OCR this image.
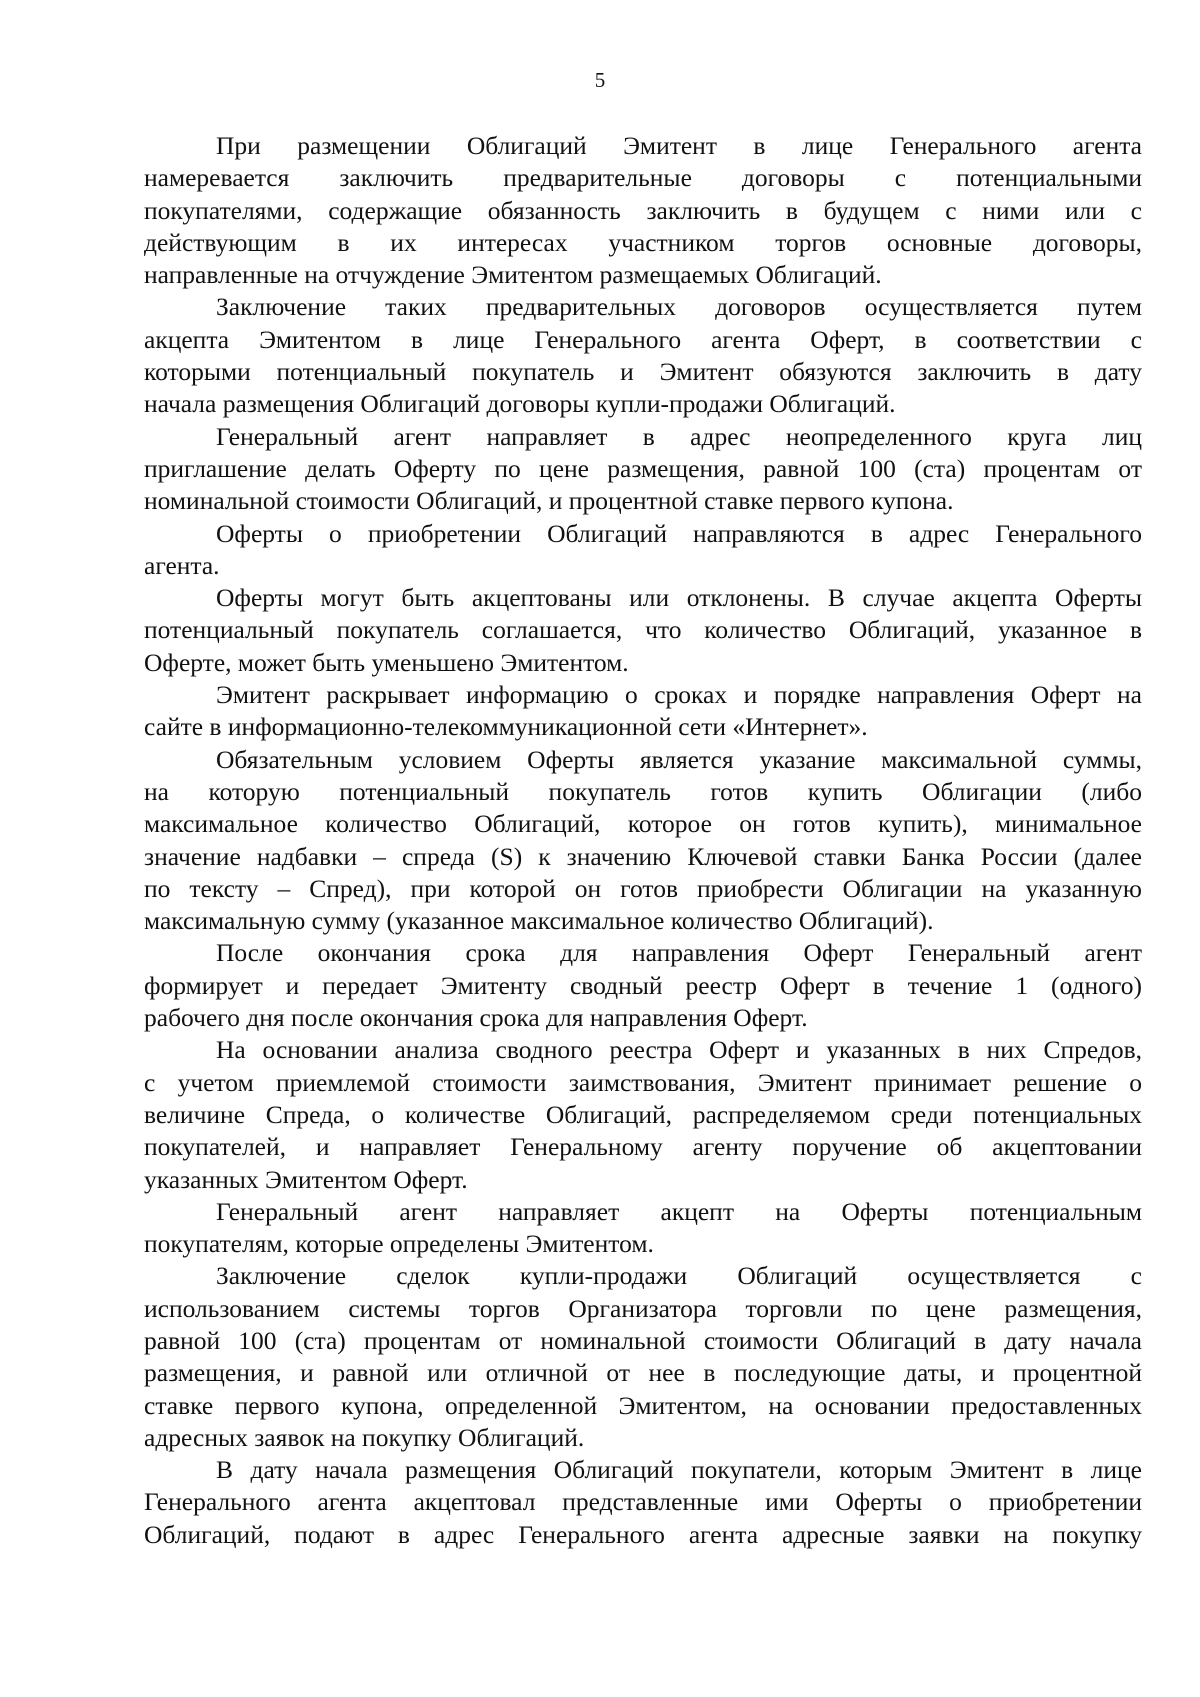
5
При размещении Облигаций Эмитент в лице Генерального агента
намеревается заключить предварительные договоры с потенциальными
покупателями, содержащие обязанность заключить в будущем с ними или с
действующим в их интересах участником торгов основные договоры,
направленные на отчуждение Эмитентом размещаемых Облигаций.
Заключение таких предварительных договоров осуществляется путем
акцепта Эмитентом в лице Генерального агента Оферт, в соответствии с
которыми потенциальный покупатель и Эмитент обязуются заключить в дату
начала размещения Облигаций договоры купли-продажи Облигаций.
Генеральный агент направляет в адрес неопределенного круга лиц
приглашение делать Оферту по цене размещения, равной 100 (ста) процентам от
номинальной стоимости Облигаций, и процентной ставке первого купона.
Оферты о приобретении Облигаций направляются в адрес Генерального
агента.
Оферты могут быть акцептованы или отклонены. В случае акцепта Оферты
потенциальный покупатель соглашается, что количество Облигаций, указанное в
Оферте, может быть уменьшено Эмитентом.
Эмитент раскрывает информацию о сроках и порядке направления Оферт на
сайте в информационно-телекоммуникационной сети «Интернет».
Обязательным условием Оферты является указание максимальной суммы,
на которую потенциальный покупатель готов купить Облигации (либо
максимальное количество Облигаций, которое он готов купить), минимальное
значение надбавки – спреда (S) к значению Ключевой ставки Банка России (далее
по тексту – Спред), при которой он готов приобрести Облигации на указанную
максимальную сумму (указанное максимальное количество Облигаций).
После окончания срока для направления Оферт Генеральный агент
формирует и передает Эмитенту сводный реестр Оферт в течение 1 (одного)
рабочего дня после окончания срока для направления Оферт.
На основании анализа сводного реестра Оферт и указанных в них Спредов,
с учетом приемлемой стоимости заимствования, Эмитент принимает решение о
величине Спреда, о количестве Облигаций, распределяемом среди потенциальных
покупателей, и направляет Генеральному агенту поручение об акцептовании
указанных Эмитентом Оферт.
Генеральный агент направляет акцепт на Оферты потенциальным
покупателям, которые определены Эмитентом.
Заключение сделок купли-продажи Облигаций осуществляется с
использованием системы торгов Организатора торговли по цене размещения,
равной 100 (ста) процентам от номинальной стоимости Облигаций в дату начала
размещения, и равной или отличной от нее в последующие даты, и процентной
ставке первого купона, определенной Эмитентом, на основании предоставленных
адресных заявок на покупку Облигаций.
В дату начала размещения Облигаций покупатели, которым Эмитент в лице
Генерального агента акцептовал представленные ими Оферты о приобретении
Облигаций, подают в адрес Генерального агента адресные заявки на покупку
